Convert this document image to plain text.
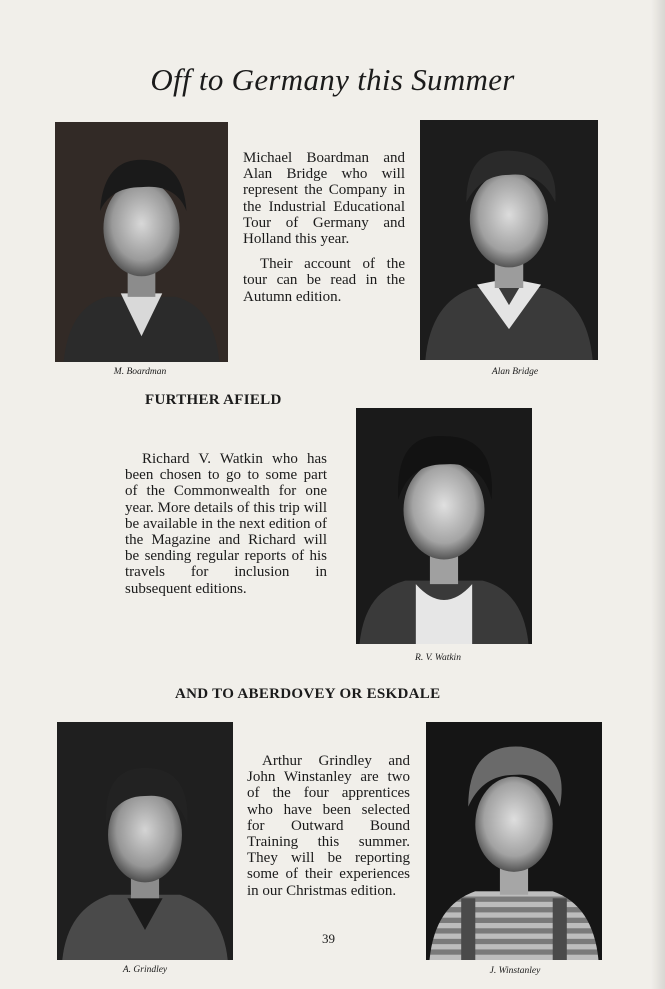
Off to Germany this Summer
M. Boardman

Michael Boardman and Alan Bridge who will represent the Company in the Industrial Educational Tour of Germany and Holland this year.

Their account of the tour can be read in the Autumn edition.

Alan Bridge
FURTHER AFIELD

Richard V. Watkin who has been chosen to go to some part of the Commonwealth for one year. More details of this trip will be available in the next edition of the Magazine and Richard will be sending regular reports of his travels for inclusion in subsequent editions.

R. V. Watkin
AND TO ABERDOVEY OR ESKDALE
A. Grindley

Arthur Grindley and John Winstanley are two of the four apprentices who have been selected for Outward Bound Training this summer. They will be reporting some of their experiences in our Christmas edition.

J. Winstanley
39
